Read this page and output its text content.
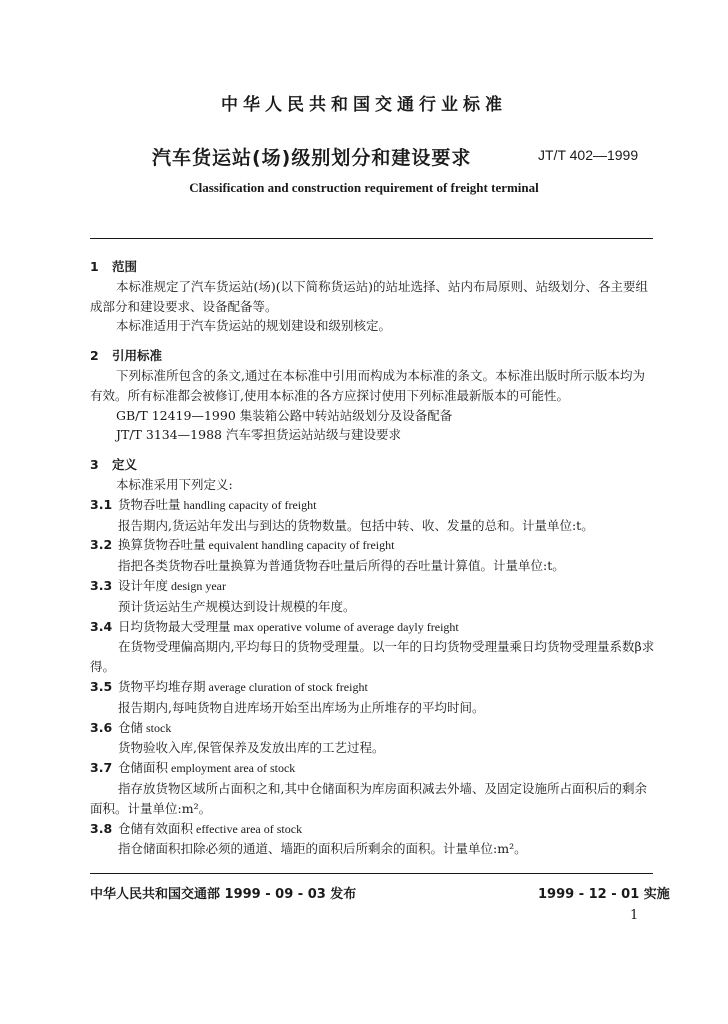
中华人民共和国交通行业标准
汽车货运站(场)级别划分和建设要求	JT/T 402—1999
Classification and construction requirement of freight terminal
1 范围
本标准规定了汽车货运站(场)(以下简称货运站)的站址选择、站内布局原则、站级划分、各主要组成部分和建设要求、设备配备等。
本标准适用于汽车货运站的规划建设和级别核定。
2 引用标准
下列标准所包含的条文,通过在本标准中引用而构成为本标准的条文。本标准出版时所示版本均为有效。所有标准都会被修订,使用本标准的各方应探讨使用下列标准最新版本的可能性。
GB/T 12419—1990 集装箱公路中转站站级划分及设备配备
JT/T 3134—1988 汽车零担货运站站级与建设要求
3 定义
本标准采用下列定义:
3.1 货物吞吐量 handling capacity of freight
报告期内,货运站年发出与到达的货物数量。包括中转、收、发量的总和。计量单位:t。
3.2 换算货物吞吐量 equivalent handling capacity of freight
指把各类货物吞吐量换算为普通货物吞吐量后所得的吞吐量计算值。计量单位:t。
3.3 设计年度 design year
预计货运站生产规模达到设计规模的年度。
3.4 日均货物最大受理量 max operative volume of average dayly freight
在货物受理偏高期内,平均每日的货物受理量。以一年的日均货物受理量乘日均货物受理量系数β求得。
3.5 货物平均堆存期 average cluration of stock freight
报告期内,每吨货物自进库场开始至出库场为止所堆存的平均时间。
3.6 仓储 stock
货物验收入库,保管保养及发放出库的工艺过程。
3.7 仓储面积 employment area of stock
指存放货物区域所占面积之和,其中仓储面积为库房面积减去外墙、及固定设施所占面积后的剩余面积。计量单位:m²。
3.8 仓储有效面积 effective area of stock
指仓储面积扣除必须的通道、墙距的面积后所剩余的面积。计量单位:m²。
中华人民共和国交通部 1999 - 09 - 03 发布	1999 - 12 - 01 实施
1
